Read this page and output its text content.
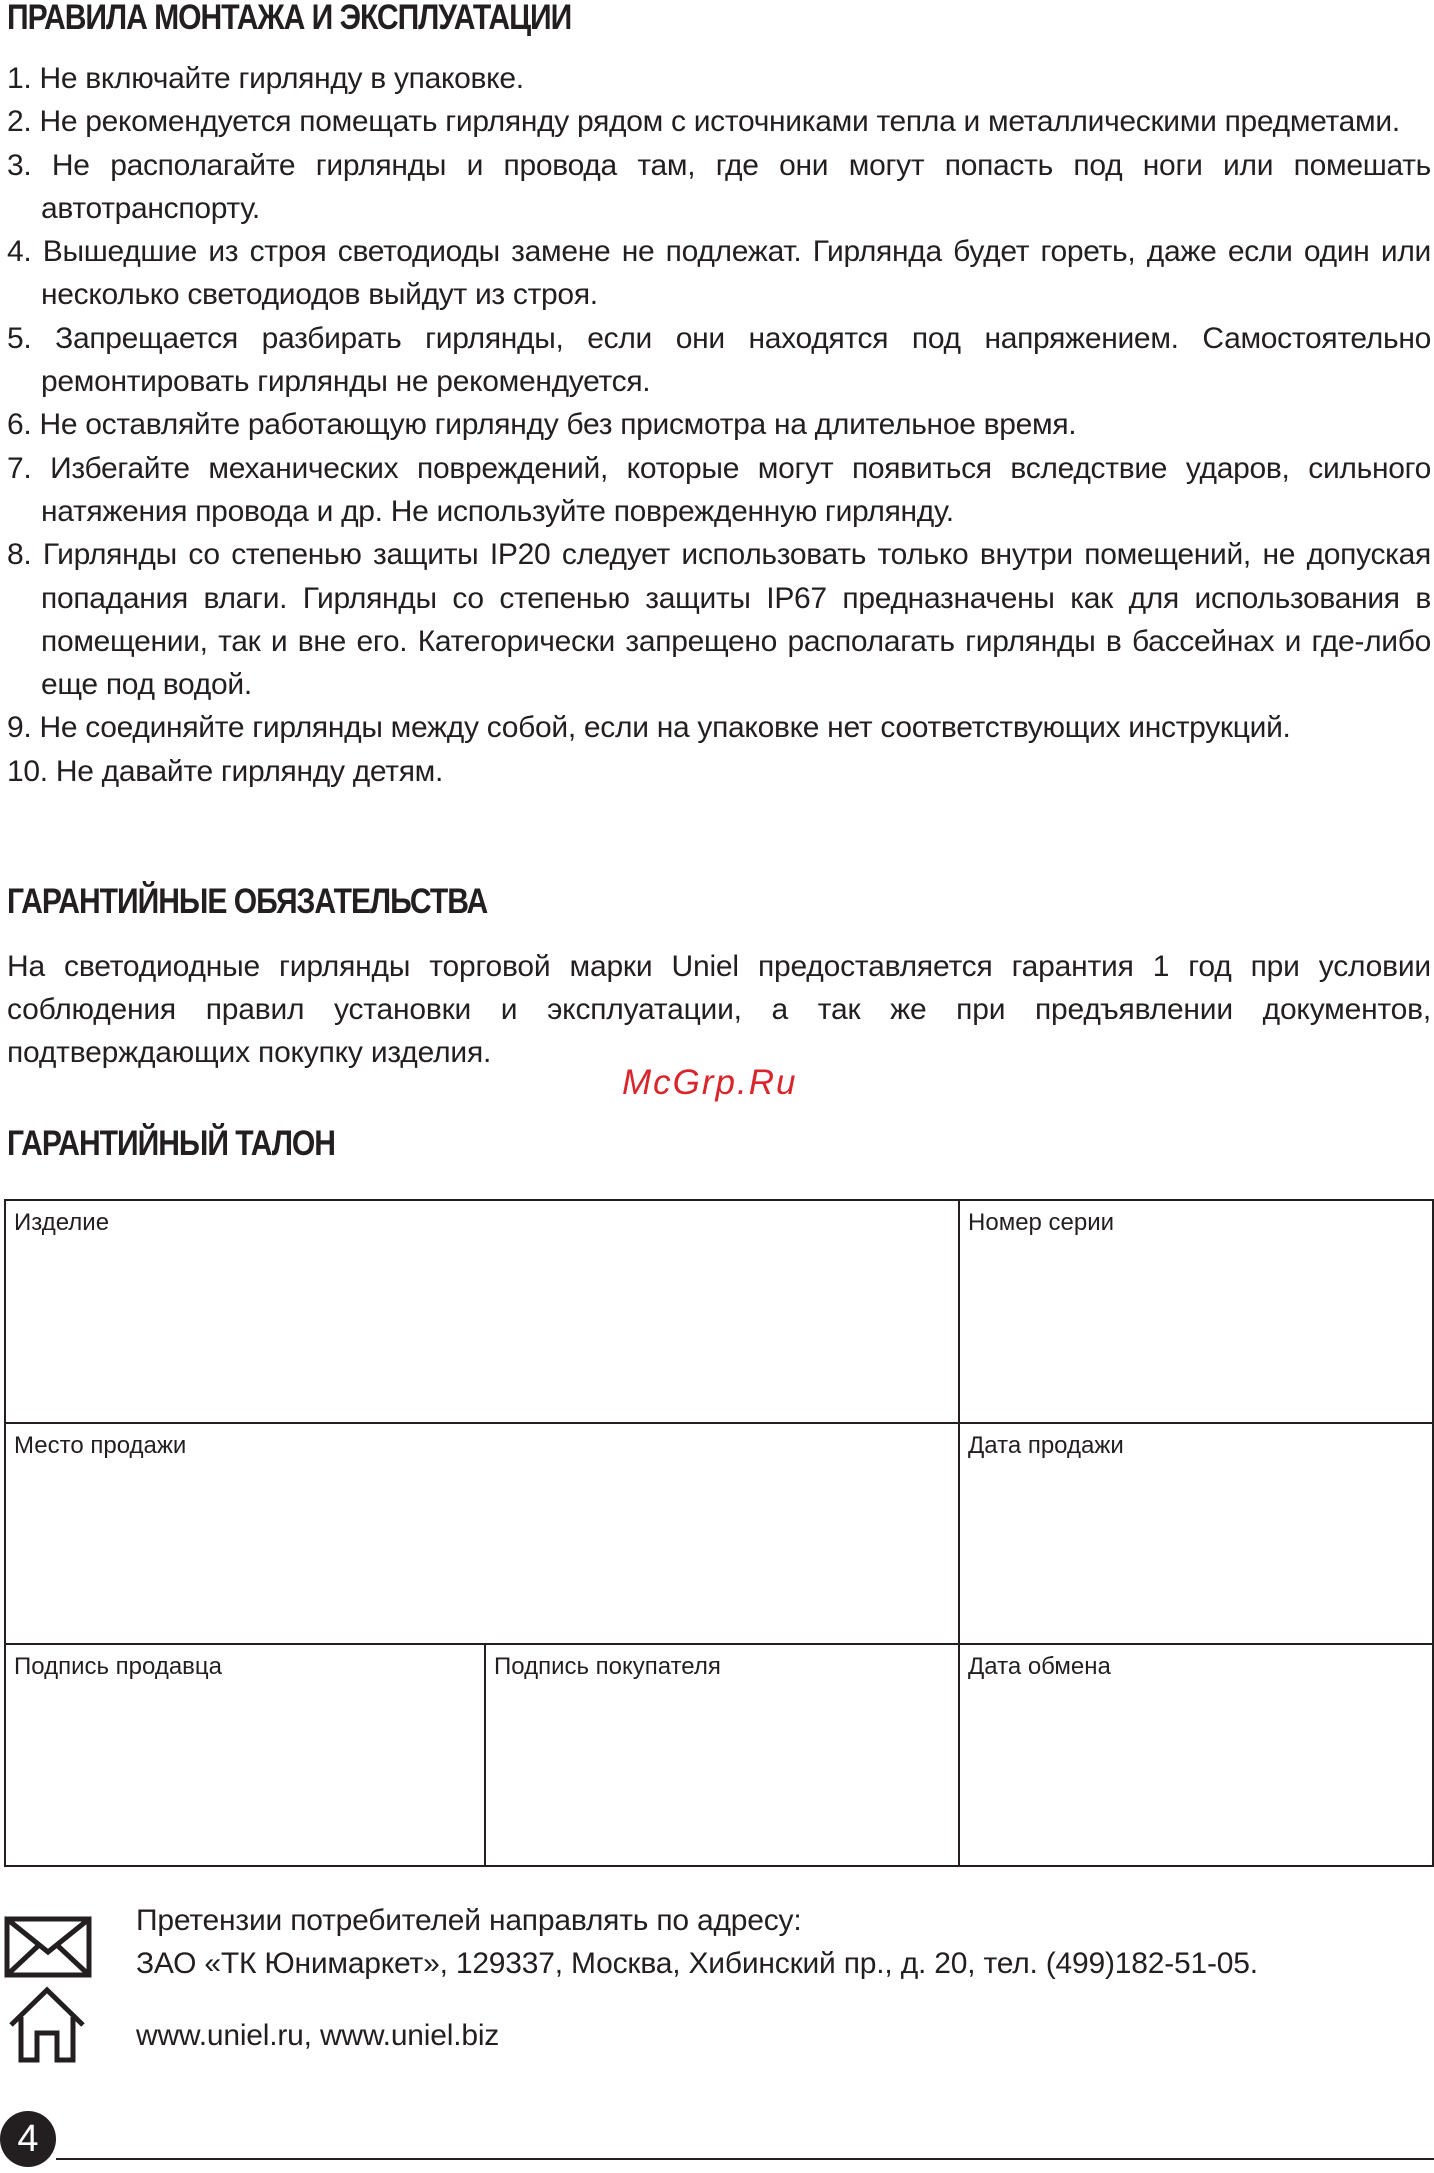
ПРАВИЛА МОНТАЖА И ЭКСПЛУАТАЦИИ
1. Не включайте гирлянду в упаковке.
2. Не рекомендуется помещать гирлянду рядом с источниками тепла и металлическими предметами.
3. Не располагайте гирлянды и провода там, где они могут попасть под ноги или помешать автотранспорту.
4. Вышедшие из строя светодиоды замене не подлежат. Гирлянда будет гореть, даже если один или несколько светодиодов выйдут из строя.
5. Запрещается разбирать гирлянды, если они находятся под напряжением. Самостоятельно ремонтировать гирлянды не рекомендуется.
6. Не оставляйте работающую гирлянду без присмотра на длительное время.
7. Избегайте механических повреждений, которые могут появиться вследствие ударов, сильного натяжения провода и др. Не используйте поврежденную гирлянду.
8. Гирлянды со степенью защиты IP20 следует использовать только внутри помещений, не допуская попадания влаги. Гирлянды со степенью защиты IP67 предназначены как для использования в помещении, так и вне его. Категорически запрещено располагать гирлянды в бассейнах и где-либо еще под водой.
9. Не соединяйте гирлянды между собой, если на упаковке нет соответствующих инструкций.
10. Не давайте гирлянду детям.
ГАРАНТИЙНЫЕ ОБЯЗАТЕЛЬСТВА

На светодиодные гирлянды торговой марки Uniel предоставляется гарантия 1 год при условии соблюдения правил установки и эксплуатации, а так же при предъявлении документов, подтверждающих покупку изделия.

McGrp.Ru

ГАРАНТИЙНЫЙ ТАЛОН
Изделие		Номер серии
Место продажи		Дата продажи
Подпись продавца	Подпись покупателя	Дата обмена

Претензии потребителей направлять по адресу:

ЗАО «ТК Юнимаркет», 129337, Москва, Хибинский пр., д. 20, тел. (499)182-51-05.

www.uniel.ru, www.uniel.biz

4
